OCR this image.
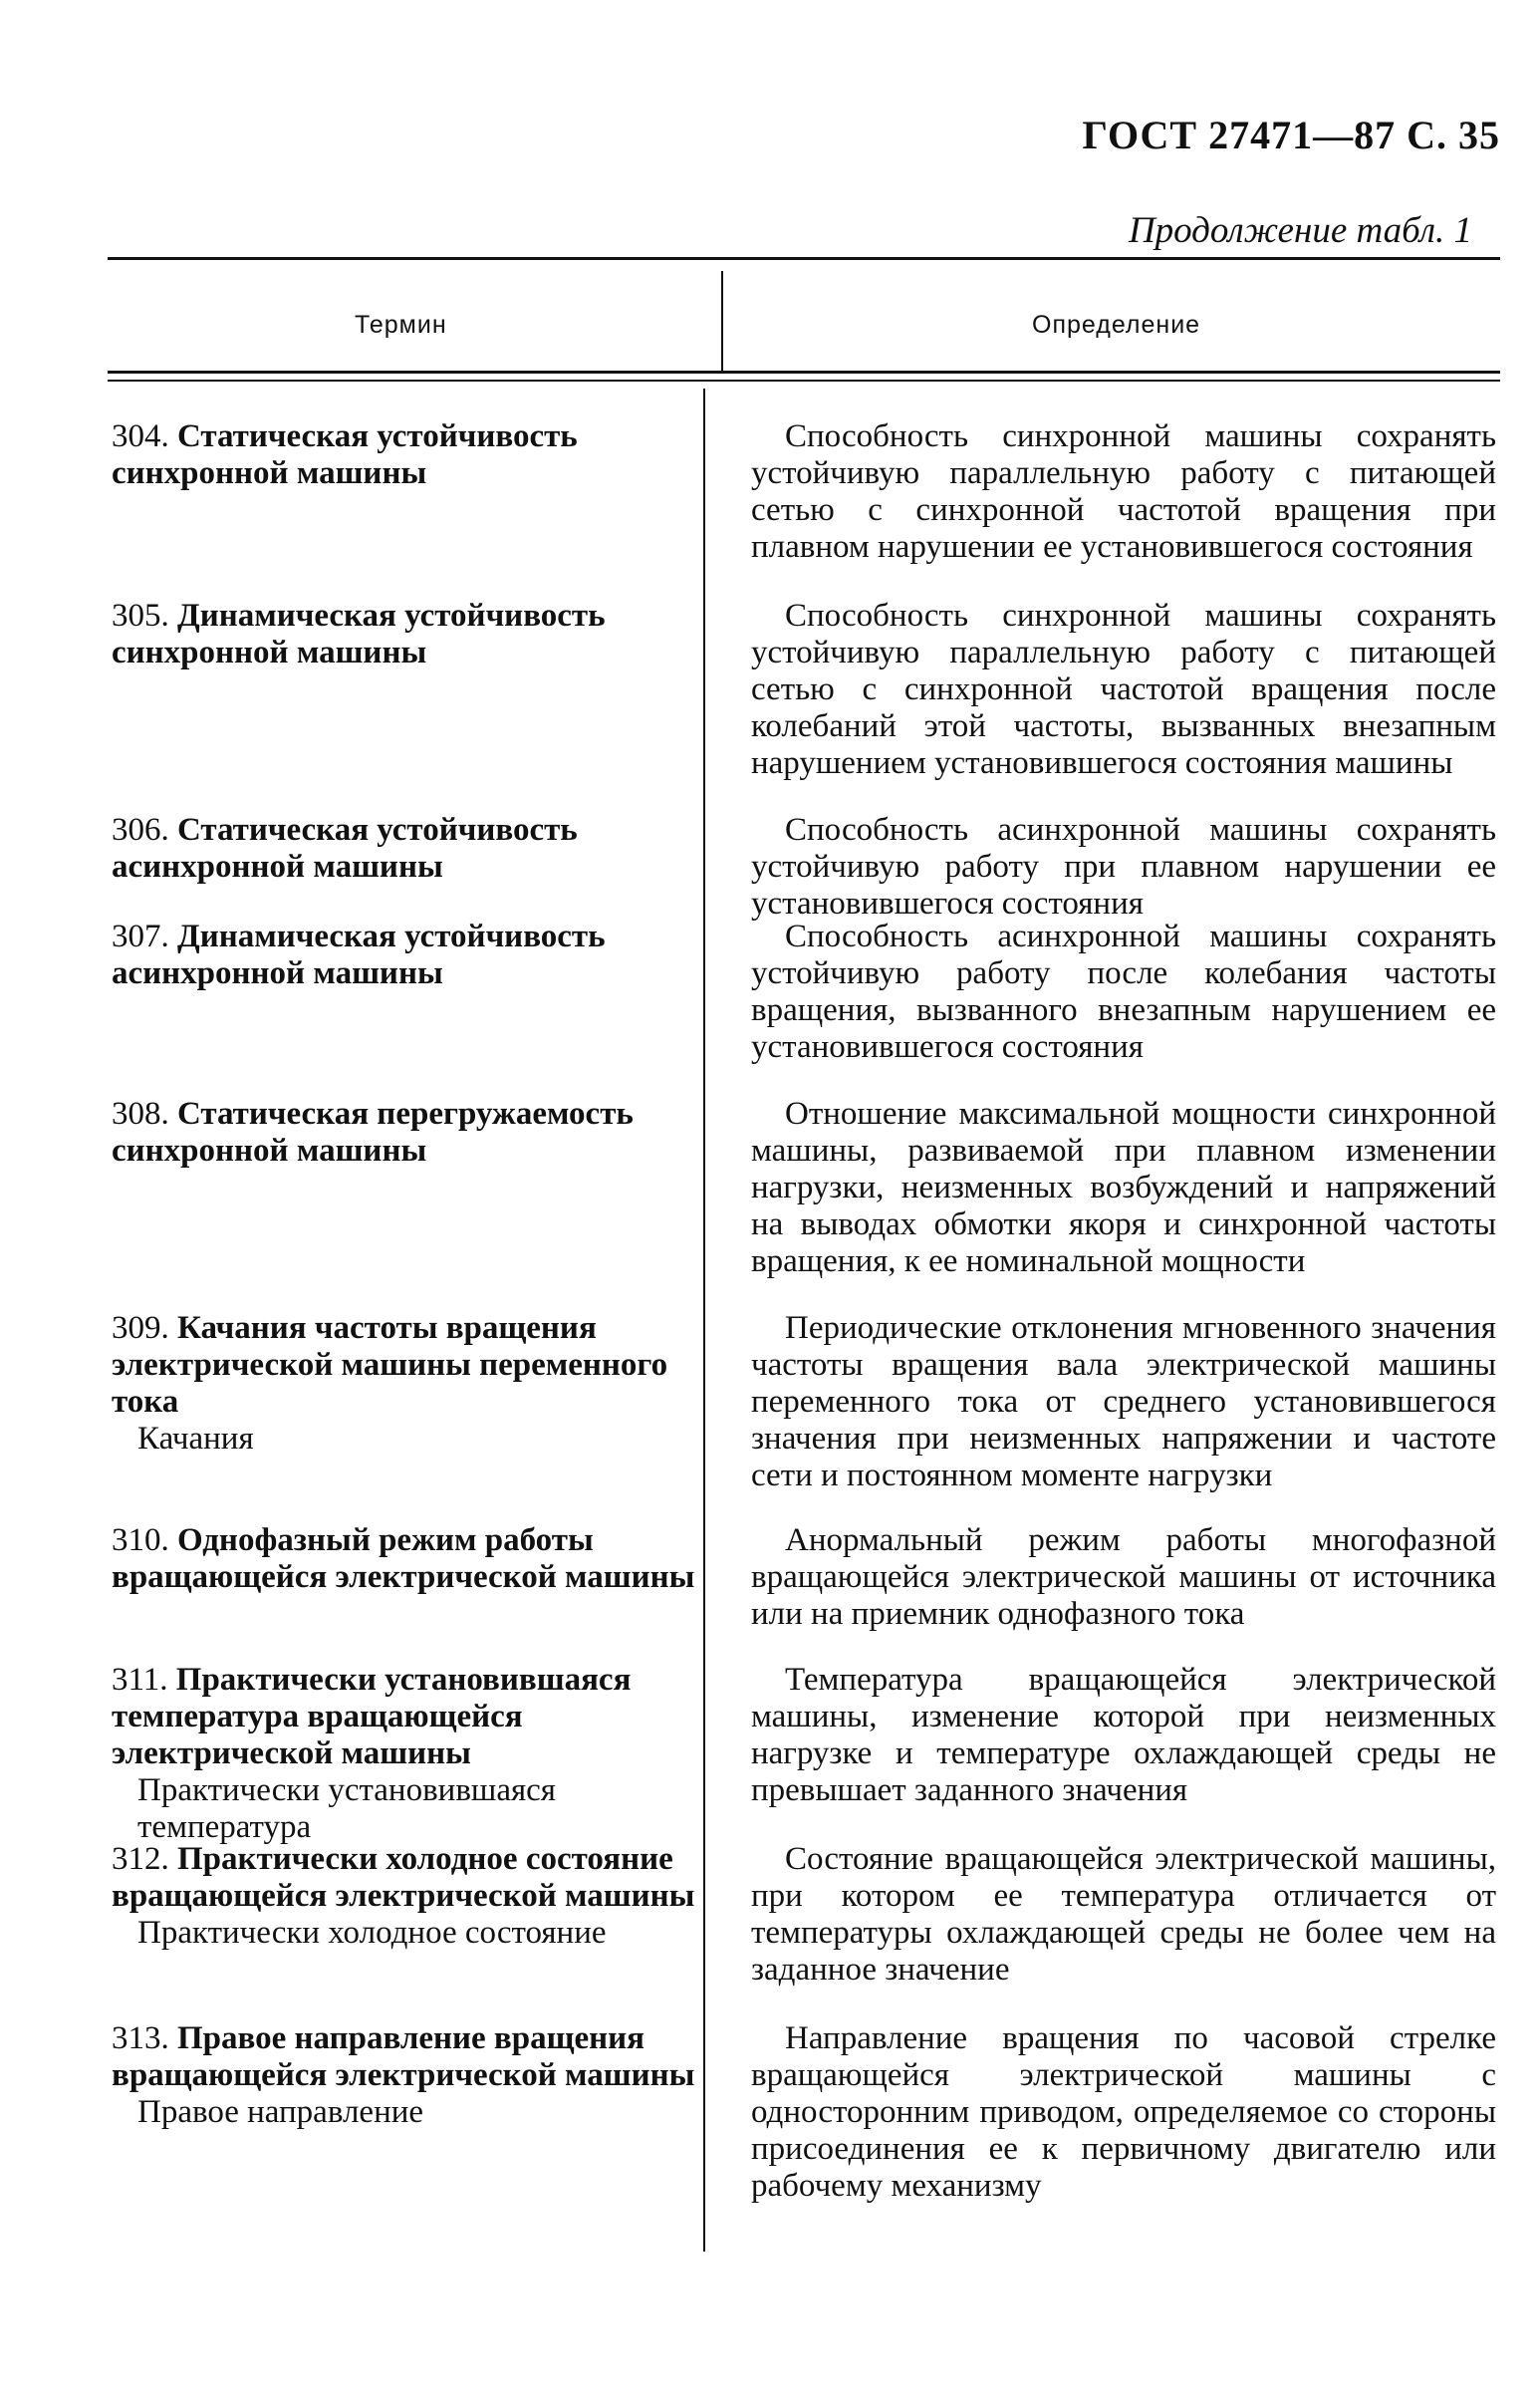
ГОСТ 27471—87 С. 35
Продолжение табл. 1
Термин	Определение
304. Статическая устойчивость синхронной машины
Способность синхронной машины сохранять устойчивую параллельную работу с питающей сетью с синхронной частотой вращения при плавном нарушении ее установившегося состояния
305. Динамическая устойчивость синхронной машины
Способность синхронной машины сохранять устойчивую параллельную работу с питающей сетью с синхронной частотой вращения после колебаний этой частоты, вызванных внезапным нарушением установившегося состояния машины
306. Статическая устойчивость асинхронной машины
Способность асинхронной машины сохранять устойчивую работу при плавном нарушении ее установившегося состояния
307. Динамическая устойчивость асинхронной машины
Способность асинхронной машины сохранять устойчивую работу после колебания частоты вращения, вызванного внезапным нарушением ее установившегося состояния
308. Статическая перегружаемость синхронной машины
Отношение максимальной мощности синхронной машины, развиваемой при плавном изменении нагрузки, неизменных возбуждений и напряжений на выводах обмотки якоря и синхронной частоты вращения, к ее номинальной мощности
309. Качания частоты вращения электрической машины переменного тока
Качания
Периодические отклонения мгновенного значения частоты вращения вала электрической машины переменного тока от среднего установившегося значения при неизменных напряжении и частоте сети и постоянном моменте нагрузки
310. Однофазный режим работы вращающейся электрической машины
Анормальный режим работы многофазной вращающейся электрической машины от источника или на приемник однофазного тока
311. Практически установившаяся температура вращающейся электрической машины
Практически установившаяся температура
Температура вращающейся электрической машины, изменение которой при неизменных нагрузке и температуре охлаждающей среды не превышает заданного значения
312. Практически холодное состояние вращающейся электрической машины
Практически холодное состояние
Состояние вращающейся электрической машины, при котором ее температура отличается от температуры охлаждающей среды не более чем на заданное значение
313. Правое направление вращения вращающейся электрической машины
Правое направление
Направление вращения по часовой стрелке вращающейся электрической машины с односторонним приводом, определяемое со стороны присоединения ее к первичному двигателю или рабочему механизму
